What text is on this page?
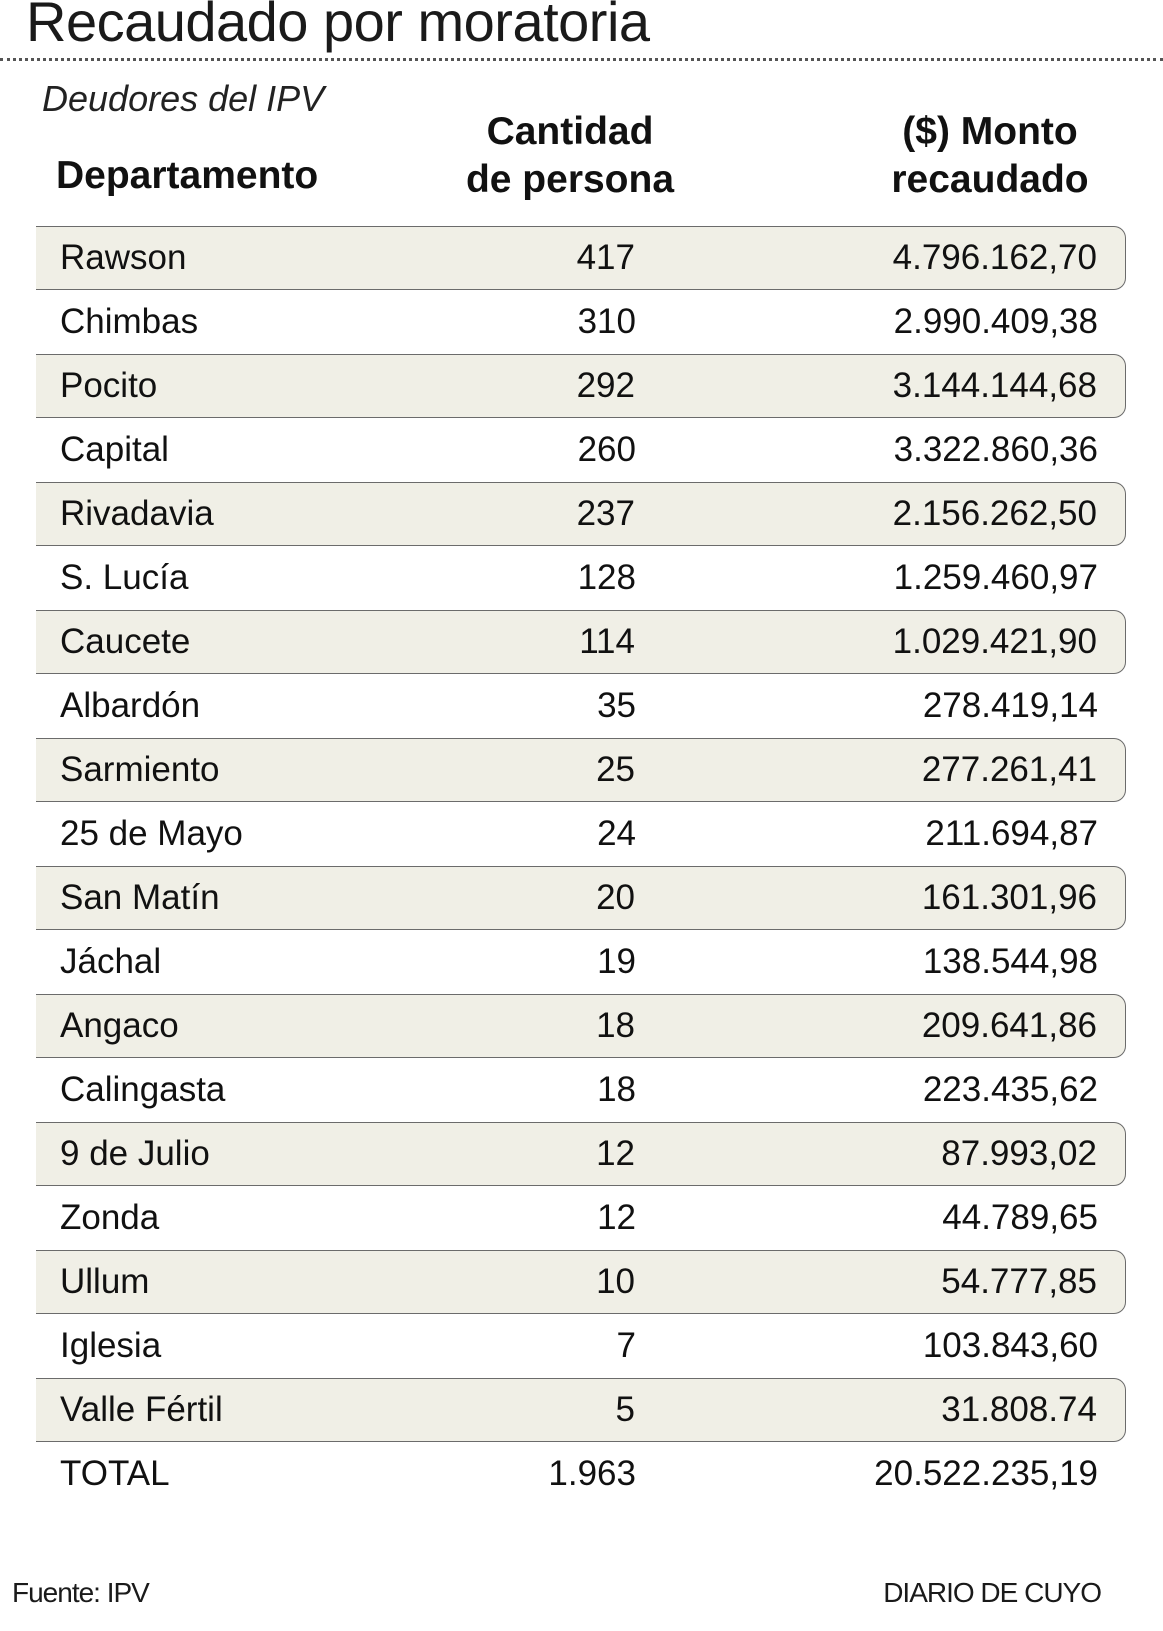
Recaudado por moratoria
Deudores del IPV
Departamento
Cantidad
de persona
($) Monto
recaudado
Rawson	417	4.796.162,70
Chimbas	310	2.990.409,38
Pocito	292	3.144.144,68
Capital	260	3.322.860,36
Rivadavia	237	2.156.262,50
S. Lucía	128	1.259.460,97
Caucete	114	1.029.421,90
Albardón	35	278.419,14
Sarmiento	25	277.261,41
25 de Mayo	24	211.694,87
San Matín	20	161.301,96
Jáchal	19	138.544,98
Angaco	18	209.641,86
Calingasta	18	223.435,62
9 de Julio	12	87.993,02
Zonda	12	44.789,65
Ullum	10	54.777,85
Iglesia	7	103.843,60
Valle Fértil	5	31.808.74
TOTAL	1.963	20.522.235,19
Fuente: IPV	DIARIO DE CUYO
